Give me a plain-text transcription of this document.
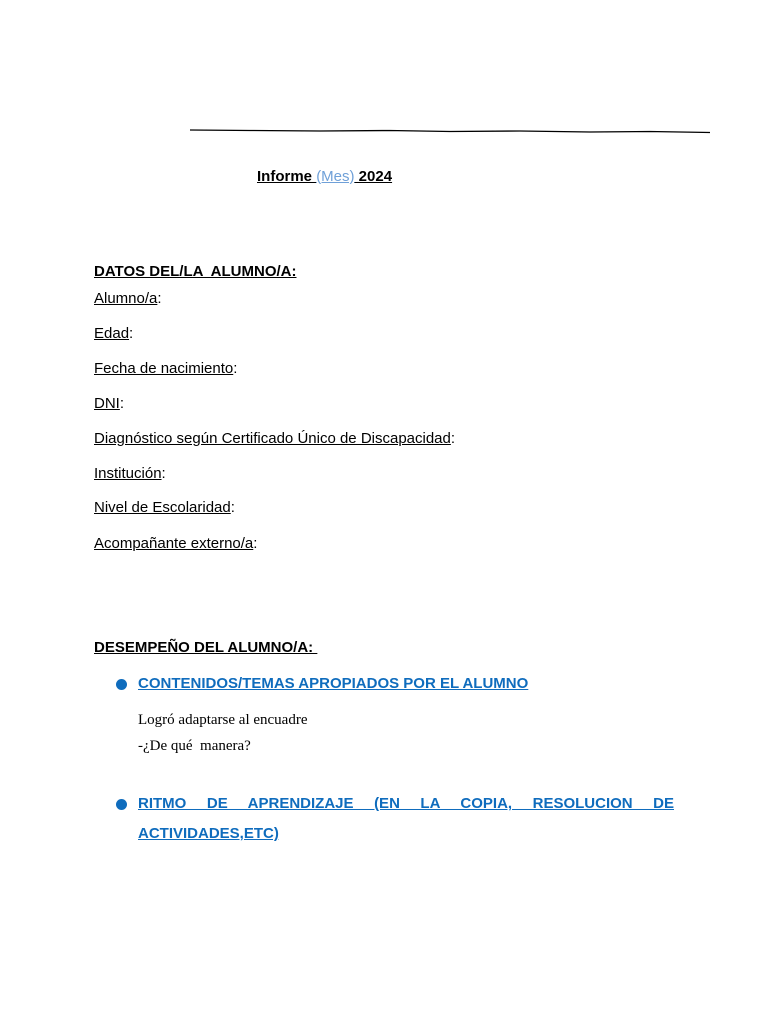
Informe (Mes) 2024
DATOS DEL/LA  ALUMNO/A:
Alumno/a:
Edad:
Fecha de nacimiento:
DNI:
Diagnóstico según Certificado Único de Discapacidad:
Institución:
Nivel de Escolaridad:
Acompañante externo/a:
DESEMPEÑO DEL ALUMNO/A:
CONTENIDOS/TEMAS APROPIADOS POR EL ALUMNO
Logró adaptarse al encuadre
-¿De qué  manera?
RITMO DE APRENDIZAJE (EN LA COPIA, RESOLUCION DE
ACTIVIDADES,ETC)
